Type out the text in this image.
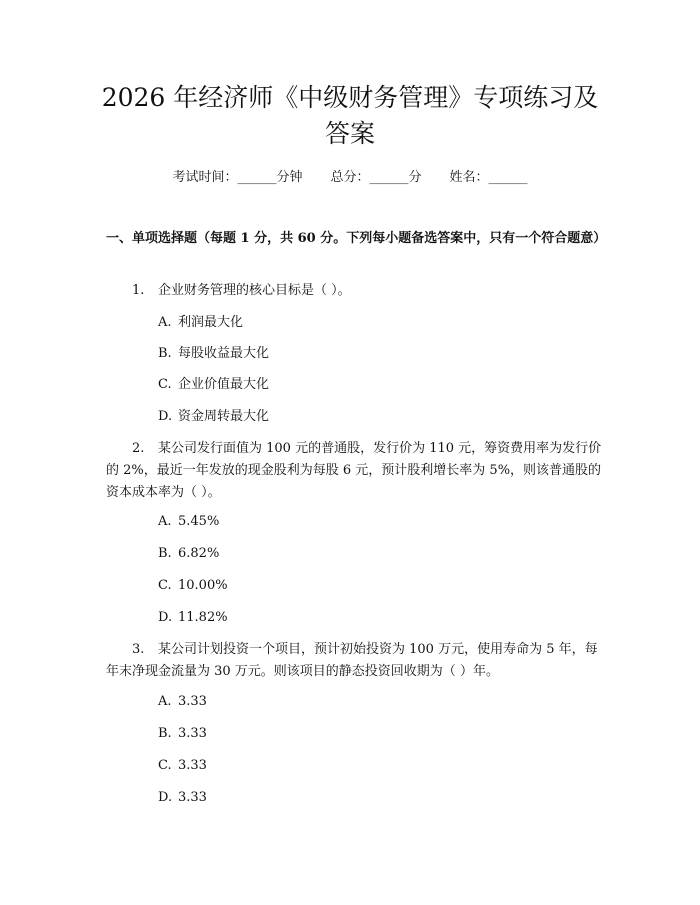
2026 年经济师《中级财务管理》专项练习及答案
考试时间：______分钟 总分：______分 姓名：______
一、单项选择题（每题 1 分，共 60 分。下列每小题备选答案中，只有一个符合题意）
1. 企业财务管理的核心目标是（ ）。
A. 利润最大化
B. 每股收益最大化
C. 企业价值最大化
D. 资金周转最大化
2. 某公司发行面值为 100 元的普通股，发行价为 110 元，筹资费用率为发行价的 2%，最近一年发放的现金股利为每股 6 元，预计股利增长率为 5%，则该普通股的资本成本率为（ ）。
A. 5.45%
B. 6.82%
C. 10.00%
D. 11.82%
3. 某公司计划投资一个项目，预计初始投资为 100 万元，使用寿命为 5 年，每年末净现金流量为 30 万元。则该项目的静态投资回收期为（ ）年。
A. 3.33
B. 3.33
C. 3.33
D. 3.33
